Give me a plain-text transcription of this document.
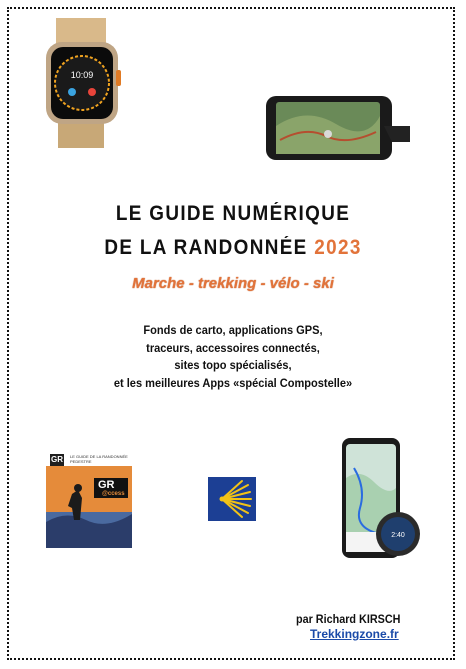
10:09
LE GUIDE NUMÉRIQUE
DE LA RANDONNÉE 2023
Marche - trekking - vélo - ski
Fonds de carto, applications GPS,
traceurs, accessoires connectés,
sites topo spécialisés,
et les meilleures Apps «spécial Compostelle»
GR LE GUIDE DE LA RANDONNÉE PEDESTRE
GR
@ccess
2:40
par Richard KIRSCH
Trekkingzone.fr
